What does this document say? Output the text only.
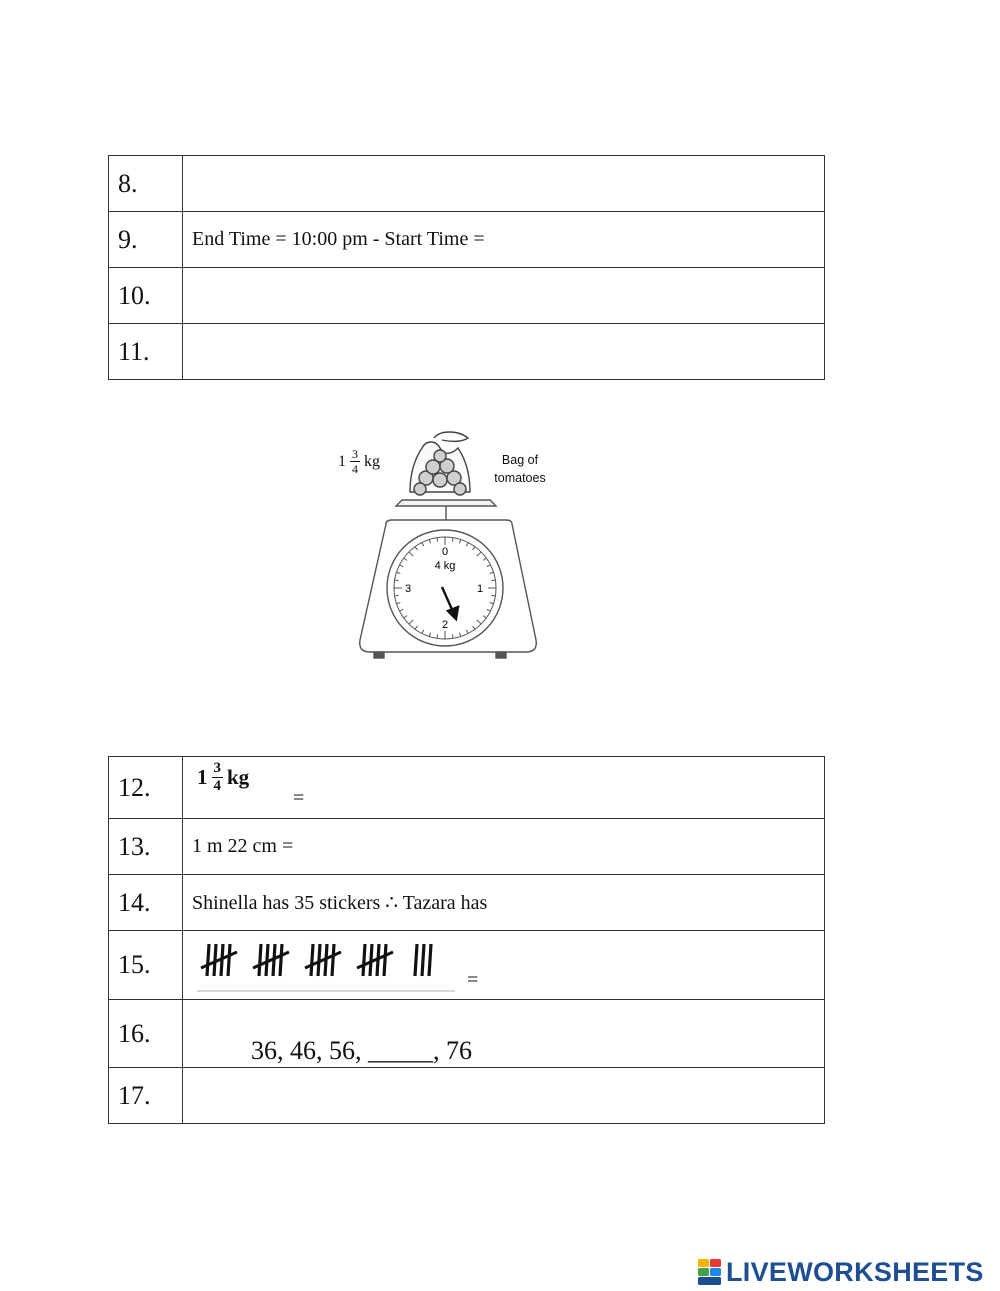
8.	
9.	End Time = 10:00 pm - Start Time =
10.	
11.	
$1 \frac{3}{4}$ kg	Bag of
tomatoes
0
4 kg
1
2
3
12.	$1 \frac{3}{4}$ kg
=

13.	1 m 22 cm =
14.	Shinella has 35 stickers ∴ Tazara has
15.	=

16.	36, 46, 56, _____, 76

17.	
LIVEWORKSHEETS
